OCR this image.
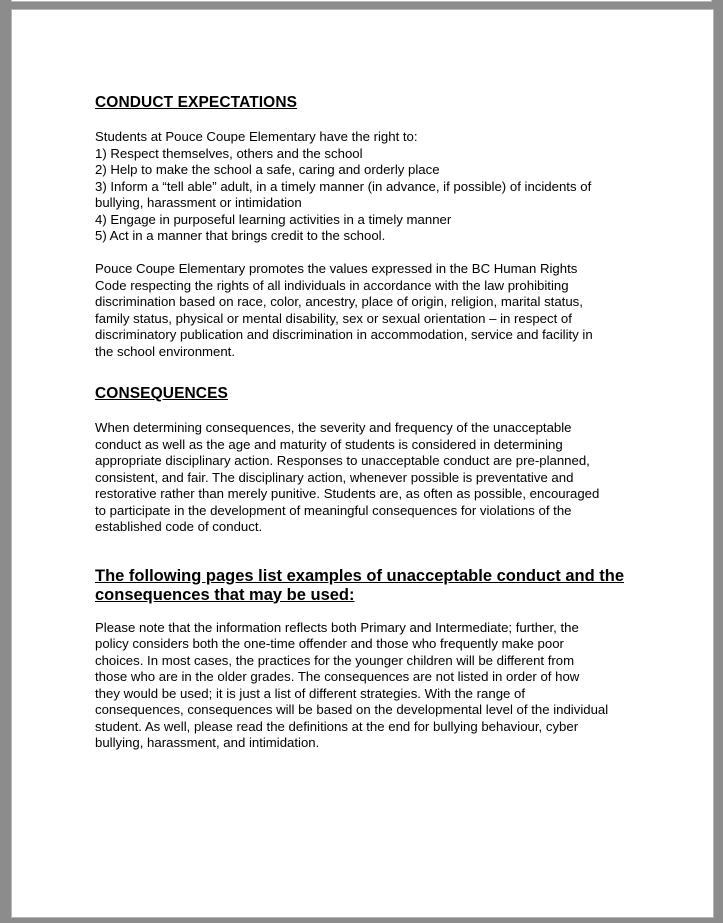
CONDUCT EXPECTATIONS
Students at Pouce Coupe Elementary have the right to:
1) Respect themselves, others and the school
2) Help to make the school a safe, caring and orderly place
3) Inform a “tell able” adult, in a timely manner (in advance, if possible) of incidents of
bullying, harassment or intimidation
4) Engage in purposeful learning activities in a timely manner
5) Act in a manner that brings credit to the school.
Pouce Coupe Elementary promotes the values expressed in the BC Human Rights
Code respecting the rights of all individuals in accordance with the law prohibiting
discrimination based on race, color, ancestry, place of origin, religion, marital status,
family status, physical or mental disability, sex or sexual orientation – in respect of
discriminatory publication and discrimination in accommodation, service and facility in
the school environment.
CONSEQUENCES
When determining consequences, the severity and frequency of the unacceptable
conduct as well as the age and maturity of students is considered in determining
appropriate disciplinary action. Responses to unacceptable conduct are pre-planned,
consistent, and fair. The disciplinary action, whenever possible is preventative and
restorative rather than merely punitive. Students are, as often as possible, encouraged
to participate in the development of meaningful consequences for violations of the
established code of conduct.
The following pages list examples of unacceptable conduct and the
consequences that may be used:
Please note that the information reflects both Primary and Intermediate; further, the
policy considers both the one-time offender and those who frequently make poor
choices. In most cases, the practices for the younger children will be different from
those who are in the older grades. The consequences are not listed in order of how
they would be used; it is just a list of different strategies. With the range of
consequences, consequences will be based on the developmental level of the individual
student. As well, please read the definitions at the end for bullying behaviour, cyber
bullying, harassment, and intimidation.
